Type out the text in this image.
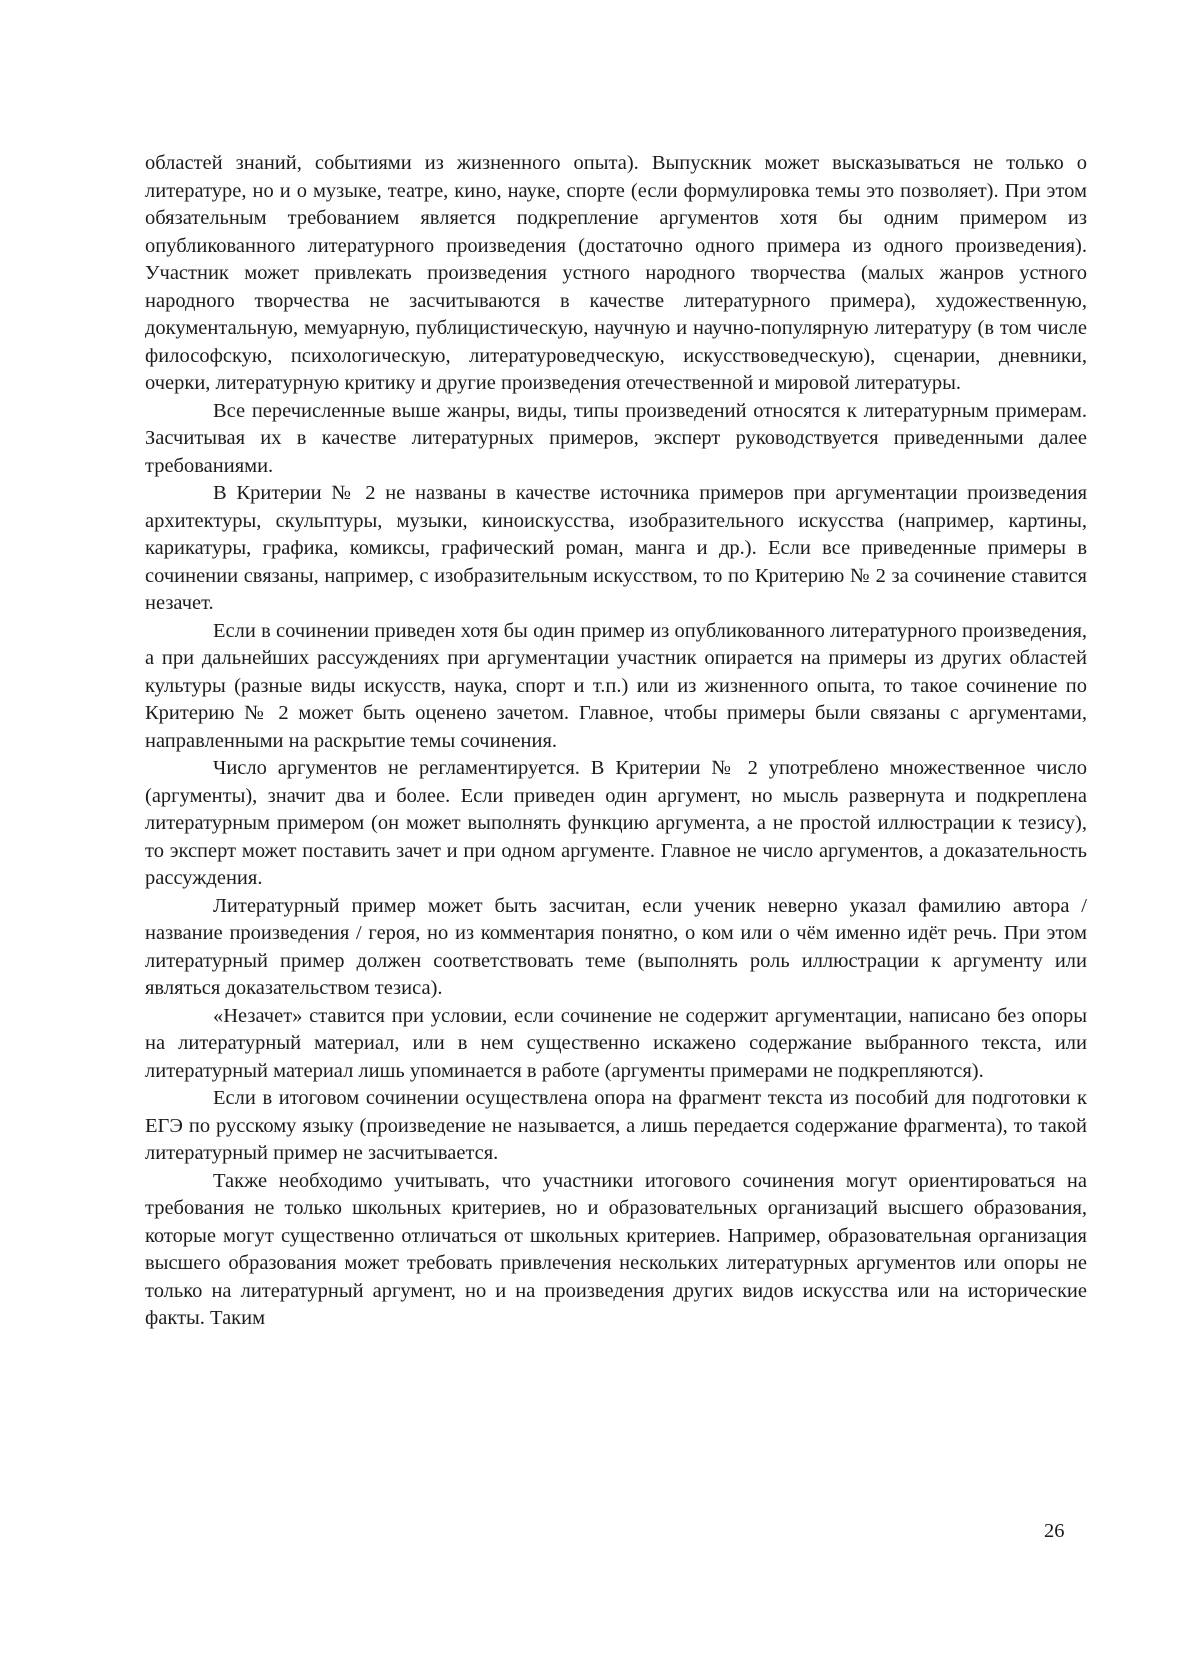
областей знаний, событиями из жизненного опыта). Выпускник может высказываться не только о литературе, но и о музыке, театре, кино, науке, спорте (если формулировка темы это позволяет). При этом обязательным требованием является подкрепление аргументов хотя бы одним примером из опубликованного литературного произведения (достаточно одного примера из одного произведения). Участник может привлекать произведения устного народного творчества (малых жанров устного народного творчества не засчитываются в качестве литературного примера), художественную, документальную, мемуарную, публицистическую, научную и научно-популярную литературу (в том числе философскую, психологическую, литературоведческую, искусствоведческую), сценарии, дневники, очерки, литературную критику и другие произведения отечественной и мировой литературы.

Все перечисленные выше жанры, виды, типы произведений относятся к литературным примерам. Засчитывая их в качестве литературных примеров, эксперт руководствуется приведенными далее требованиями.

В Критерии № 2 не названы в качестве источника примеров при аргументации произведения архитектуры, скульптуры, музыки, киноискусства, изобразительного искусства (например, картины, карикатуры, графика, комиксы, графический роман, манга и др.). Если все приведенные примеры в сочинении связаны, например, с изобразительным искусством, то по Критерию № 2 за сочинение ставится незачет.

Если в сочинении приведен хотя бы один пример из опубликованного литературного произведения, а при дальнейших рассуждениях при аргументации участник опирается на примеры из других областей культуры (разные виды искусств, наука, спорт и т.п.) или из жизненного опыта, то такое сочинение по Критерию № 2 может быть оценено зачетом. Главное, чтобы примеры были связаны с аргументами, направленными на раскрытие темы сочинения.

Число аргументов не регламентируется. В Критерии № 2 употреблено множественное число (аргументы), значит два и более. Если приведен один аргумент, но мысль развернута и подкреплена литературным примером (он может выполнять функцию аргумента, а не простой иллюстрации к тезису), то эксперт может поставить зачет и при одном аргументе. Главное не число аргументов, а доказательность рассуждения.

Литературный пример может быть засчитан, если ученик неверно указал фамилию автора / название произведения / героя, но из комментария понятно, о ком или о чём именно идёт речь. При этом литературный пример должен соответствовать теме (выполнять роль иллюстрации к аргументу или являться доказательством тезиса).

«Незачет» ставится при условии, если сочинение не содержит аргументации, написано без опоры на литературный материал, или в нем существенно искажено содержание выбранного текста, или литературный материал лишь упоминается в работе (аргументы примерами не подкрепляются).

Если в итоговом сочинении осуществлена опора на фрагмент текста из пособий для подготовки к ЕГЭ по русскому языку (произведение не называется, а лишь передается содержание фрагмента), то такой литературный пример не засчитывается.

Также необходимо учитывать, что участники итогового сочинения могут ориентироваться на требования не только школьных критериев, но и образовательных организаций высшего образования, которые могут существенно отличаться от школьных критериев. Например, образовательная организация высшего образования может требовать привлечения нескольких литературных аргументов или опоры не только на литературный аргумент, но и на произведения других видов искусства или на исторические факты. Таким

26
